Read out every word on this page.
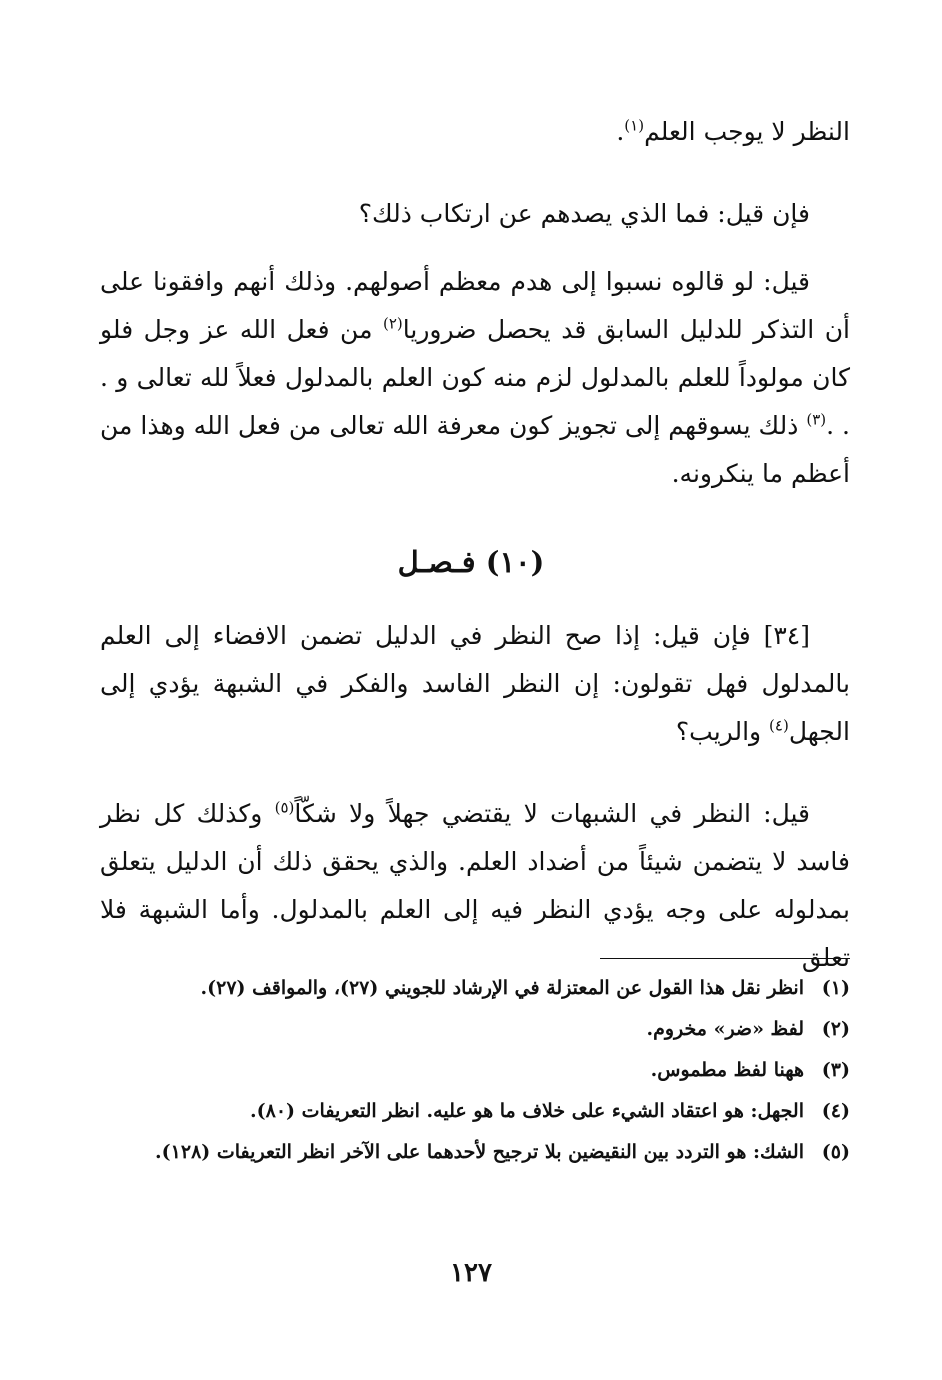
النظر لا يوجب العلم$^{(١)}$.
فإن قيل: فما الذي يصدهم عن ارتكاب ذلك؟
قيل: لو قالوه نسبوا إلى هدم معظم أصولهم. وذلك أنهم وافقونا على أن التذكر للدليل السابق قد يحصل ضروريا$^{(٢)}$ من فعل الله عز وجل فلو كان مولوداً للعلم بالمدلول لزم منه كون العلم بالمدلول فعلاً لله تعالى و . . .$^{(٣)}$ ذلك يسوقهم إلى تجويز كون معرفة الله تعالى من فعل الله وهذا من أعظم ما ينكرونه.
(١٠) فـصـل
[٣٤] فإن قيل: إذا صح النظر في الدليل تضمن الافضاء إلى العلم بالمدلول فهل تقولون: إن النظر الفاسد والفكر في الشبهة يؤدي إلى الجهل$^{(٤)}$ والريب؟
قيل: النظر في الشبهات لا يقتضي جهلاً ولا شكّاً$^{(٥)}$ وكذلك كل نظر فاسد لا يتضمن شيئاً من أضداد العلم. والذي يحقق ذلك أن الدليل يتعلق بمدلوله على وجه يؤدي النظر فيه إلى العلم بالمدلول. وأما الشبهة فلا تعلق
(١)
انظر نقل هذا القول عن المعتزلة في الإرشاد للجويني (٢٧)، والمواقف (٢٧).
(٢)
لفظ «ضر» مخروم.
(٣)
ههنا لفظ مطموس.
(٤)
الجهل: هو اعتقاد الشيء على خلاف ما هو عليه. انظر التعريفات (٨٠).
(٥)
الشك: هو التردد بين النقيضين بلا ترجيح لأحدهما على الآخر انظر التعريفات (١٢٨).
١٢٧
